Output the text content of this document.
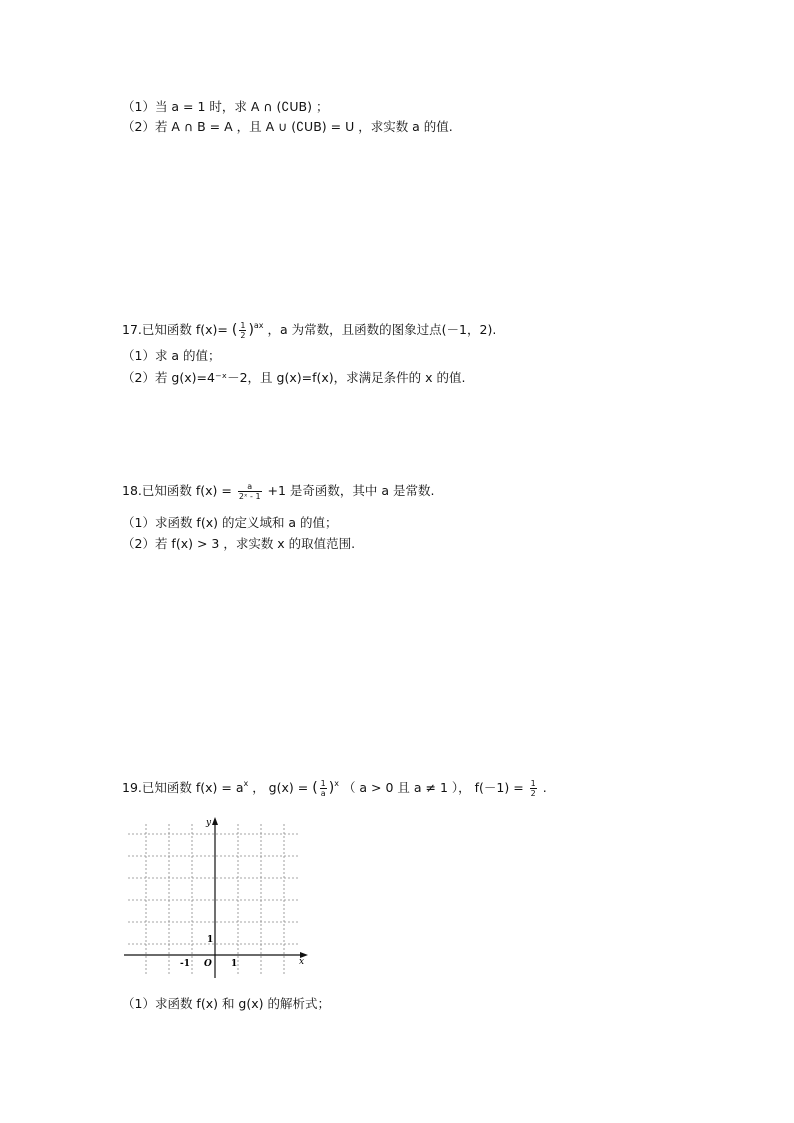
（1）当 a = 1 时，求 A ∩ (∁UB) ；
（2）若 A ∩ B = A ，且 A ∪ (∁UB) = U ，求实数 a 的值.
17.已知函数 f(x)= ( $\frac{1}{2} )^{ax}$ ，a 为常数，且函数的图象过点(－1，2).
（1）求 a 的值；
（2）若 g(x)=4⁻ˣ－2，且 g(x)=f(x)，求满足条件的 x 的值.
18.已知函数 $f(x) = \frac{a}{\text{2ˣ - 1}} +1$ 是奇函数，其中 a 是常数.
（1）求函数 f(x) 的定义域和 a 的值；
（2）若 f(x) > 3 ，求实数 x 的取值范围.
19.已知函数 $f(x) = a^x$ ， g(x) = ( $\frac{1}{a} )^x$ （ a > 0 且 a ≠ 1 ）， $f(-1) = \frac{1}{2}$ .
y
x
O
1
1
-1
（1）求函数 f(x) 和 g(x) 的解析式；
